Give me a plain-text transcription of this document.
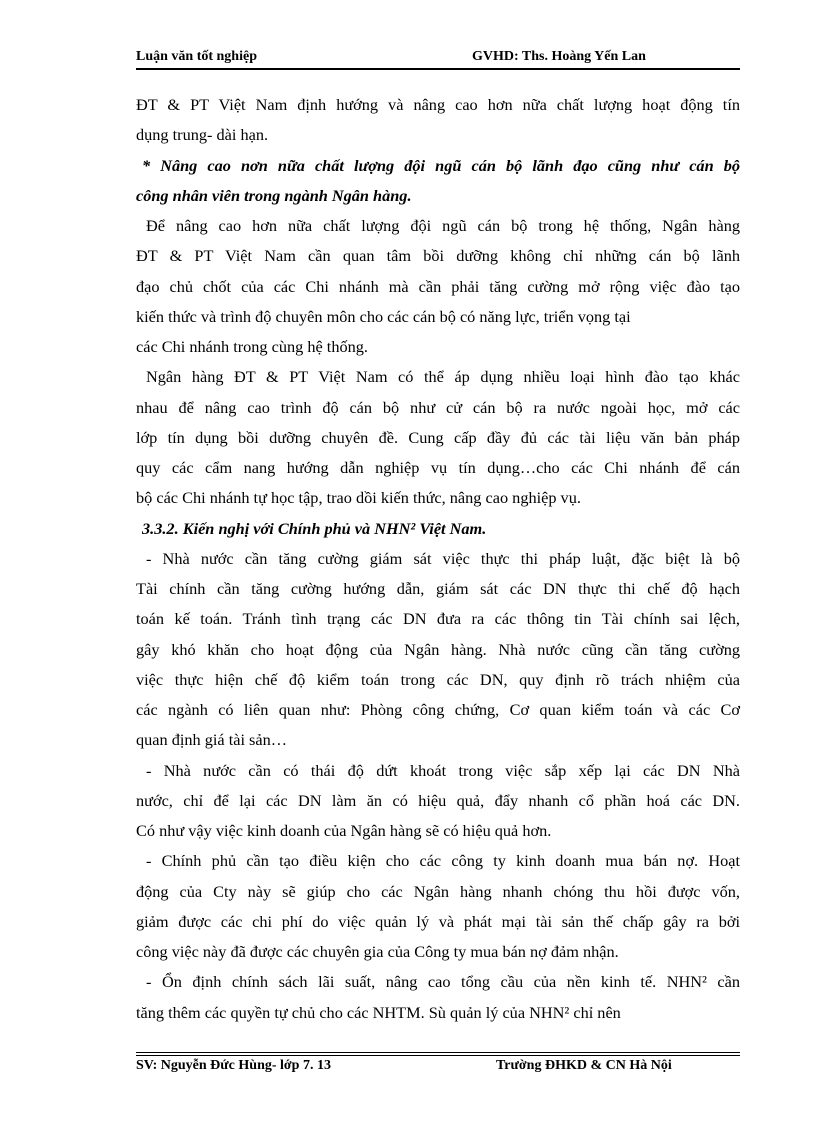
Luận văn tốt nghiệp	GVHD: Ths. Hoàng Yến Lan
ĐT & PT Việt Nam định hướng và nâng cao hơn nữa chất lượng hoạt động tín
dụng trung- dài hạn.
* Nâng cao nơn nữa chất lượng đội ngũ cán bộ lãnh đạo cũng như cán bộ
công nhân viên trong ngành Ngân hàng.
Để nâng cao hơn nữa chất lượng đội ngũ cán bộ trong hệ thống, Ngân hàng
ĐT & PT Việt Nam cần quan tâm bồi dưỡng không chỉ những cán bộ lãnh
đạo chủ chốt của các Chi nhánh mà cần phải tăng cường mở rộng việc đào tạo
kiến thức và trình độ chuyên môn cho các cán bộ có năng lực, triển vọng tại
các Chi nhánh trong cùng hệ thống.
Ngân hàng ĐT & PT Việt Nam có thể áp dụng nhiều loại hình đào tạo khác
nhau để nâng cao trình độ cán bộ như cử cán bộ ra nước ngoài học, mở các
lớp tín dụng bồi dưỡng chuyên đề. Cung cấp đầy đủ các tài liệu văn bản pháp
quy các cẩm nang hướng dẫn nghiệp vụ tín dụng…cho các Chi nhánh để cán
bộ các Chi nhánh tự học tập, trao dồi kiến thức, nâng cao nghiệp vụ.
3.3.2. Kiến nghị với Chính phủ và NHN² Việt Nam.
- Nhà nước cần tăng cường giám sát việc thực thi pháp luật, đặc biệt là bộ
Tài chính cần tăng cường hướng dẫn, giám sát các DN thực thi chế độ hạch
toán kế toán. Tránh tình trạng các DN đưa ra các thông tin Tài chính sai lệch,
gây khó khăn cho hoạt động của Ngân hàng. Nhà nước cũng cần tăng cường
việc thực hiện chế độ kiểm toán trong các DN, quy định rõ trách nhiệm của
các ngành có liên quan như: Phòng công chứng, Cơ quan kiểm toán và các Cơ
quan định giá tài sản…
- Nhà nước cần có thái độ dứt khoát trong việc sắp xếp lại các DN Nhà
nước, chỉ để lại các DN làm ăn có hiệu quả, đẩy nhanh cổ phần hoá các DN.
Có như vậy việc kinh doanh của Ngân hàng sẽ có hiệu quả hơn.
- Chính phủ cần tạo điều kiện cho các công ty kinh doanh mua bán nợ. Hoạt
động của Cty này sẽ giúp cho các Ngân hàng nhanh chóng thu hồi được vốn,
giảm được các chi phí do việc quản lý và phát mại tài sản thế chấp gây ra bởi
công việc này đã được các chuyên gia của Công ty mua bán nợ đảm nhận.
- Ổn định chính sách lãi suất, nâng cao tổng cầu của nền kinh tế. NHN² cần
tăng thêm các quyền tự chủ cho các NHTM. Sù quản lý của NHN² chỉ nên
SV: Nguyễn Đức Hùng- lớp 7. 13	Trường ĐHKD & CN Hà Nội
